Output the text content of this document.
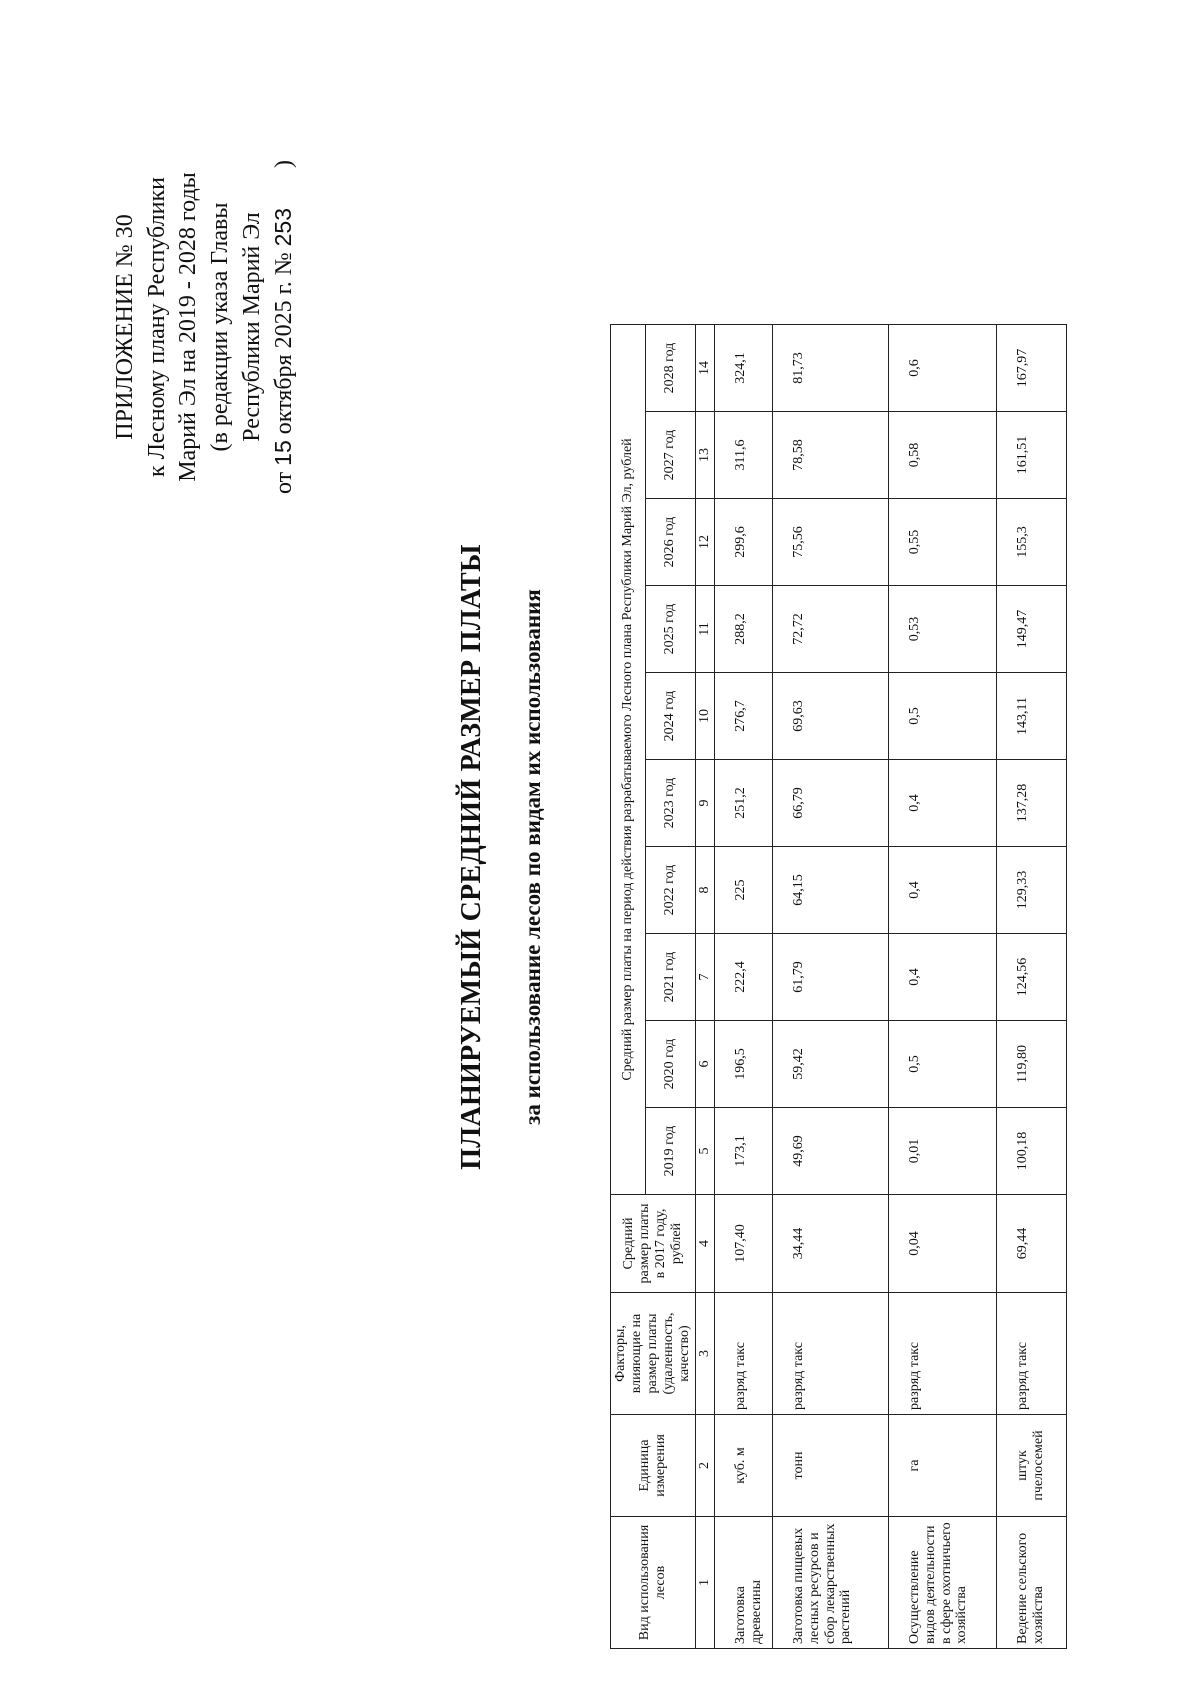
ПРИЛОЖЕНИЕ № 30 к Лесному плану Республики Марий Эл на 2019 - 2028 годы (в редакции указа Главы Республики Марий Эл
от 15 октября 2025 г. № 253 )
ПЛАНИРУЕМЫЙ СРЕДНИЙ РАЗМЕР ПЛАТЫ за использование лесов по видам их использования
Вид использования лесов	Единица измерения	Факторы, влияющие на размер платы (удаленность, качество)	Средний размер платы в 2017 году, рублей	Средний размер платы на период действия разрабатываемого Лесного плана Республики Марий Эл, рублей									
				2019 год	2020 год	2021 год	2022 год	2023 год	2024 год	2025 год	2026 год	2027 год	2028 год
1	2	3	4	5	6	7	8	9	10	11	12	13	14
Заготовка древесины	куб. м	разряд такс	107,40	173,1	196,5	222,4	225	251,2	276,7	288,2	299,6	311,6	324,1
Заготовка пищевых лесных ресурсов и сбор лекарственных растений	тонн	разряд такс	34,44	49,69	59,42	61,79	64,15	66,79	69,63	72,72	75,56	78,58	81,73
Осуществление видов деятельности в сфере охотничьего хозяйства	га	разряд такс	0,04	0,01	0,5	0,4	0,4	0,4	0,5	0,53	0,55	0,58	0,6
Ведение сельского хозяйства	штук пчелосемей	разряд такс	69,44	100,18	119,80	124,56	129,33	137,28	143,11	149,47	155,3	161,51	167,97
